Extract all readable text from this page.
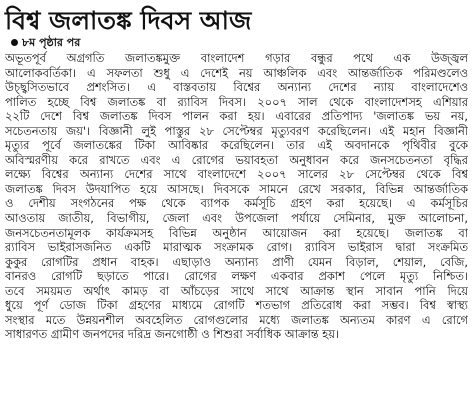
বিশ্ব জলাতঙ্ক দিবস আজ
৮ম পৃষ্ঠার পর
অভূতপূর্ব অগ্রগতি জলাতঙ্কমুক্ত বাংলাদেশ গড়ার বন্ধুর পথে এক উজ্জ্বল
আলোকবর্তিকা। এ সফলতা শুধু এ দেশেই নয় আঞ্চলিক এবং আন্তর্জাতিক পরিমণ্ডলেও
উচ্ছ্বসিতভাবে প্রশংসিত। এ বাস্তবতায় বিশ্বের অন্যান্য দেশের ন্যায় বাংলাদেশেও
পালিত হচ্ছে বিশ্ব জলাতঙ্ক বা র‌্যাবিস দিবস। ২০০৭ সাল থেকে বাংলাদেশসহ এশিয়ার
২২টি দেশে বিশ্ব জলাতঙ্ক দিবস পালন করা হয়। এবারের প্রতিপাদ্য 'জলাতঙ্ক ভয় নয়,
সচেতনতায় জয়'। বিজ্ঞানী লুই পাস্তুর ২৮ সেপ্টেম্বর মৃত্যুবরণ করেছিলেন। এই মহান বিজ্ঞানী
মৃত্যুর পূর্বে জলাতঙ্কের টিকা আবিষ্কার করেছিলেন। তার এই অবদানকে পৃথিবীর বুকে
অবিস্মরণীয় করে রাখতে এবং এ রোগের ভয়াবহতা অনুধাবন করে জনসচেতনতা বৃদ্ধির
লক্ষ্যে বিশ্বের অন্যান্য দেশের সাথে বাংলাদেশে ২০০৭ সালের ২৮ সেপ্টেম্বর থেকে বিশ্ব
জলাতঙ্ক দিবস উদযাপিত হয়ে আসছে। দিবসকে সামনে রেখে সরকার, বিভিন্ন আন্তর্জাতিক
ও দেশীয় সংগঠনের পক্ষ থেকে ব্যাপক কর্মসূচি গ্রহণ করা হয়েছে। এ কর্মসূচির
আওতায় জাতীয়, বিভাগীয়, জেলা এবং উপজেলা পর্যায়ে সেমিনার, মুক্ত আলোচনা,
জনসচেতনতামূলক কার্যক্রমসহ বিভিন্ন অনুষ্ঠান আয়োজন করা হয়েছে। জলাতঙ্ক বা
র‌্যাবিস ভাইরাসজনিত একটি মারাত্মক সংক্রামক রোগ। র‌্যাবিস ভাইরাস দ্বারা সংক্রমিত
কুকুর রোগটির প্রধান বাহক। এছাড়াও অন্যান্য প্রাণী যেমন বিড়াল, শেয়াল, বেজি,
বানরও রোগটি ছড়াতে পারে। রোগের লক্ষণ একবার প্রকাশ পেলে মৃত্যু নিশ্চিত।
তবে সময়মত অর্থাৎ কামড় বা আঁচড়ের সাথে সাথে আক্রান্ত স্থান সাবান পানি দিয়ে
ধুয়ে পূর্ণ ডোজ টিকা গ্রহণের মাধ্যমে রোগটি শতভাগ প্রতিরোধ করা সম্ভব। বিশ্ব স্বাস্থ্য
সংস্থার মতে উন্নয়নশীল অবহেলিত রোগগুলোর মধ্যে জলাতঙ্ক অন্যতম কারণ এ রোগে
সাধারণত গ্রামীণ জনপদের দরিদ্র জনগোষ্ঠী ও শিশুরা সর্বাধিক আক্রান্ত হয়।
